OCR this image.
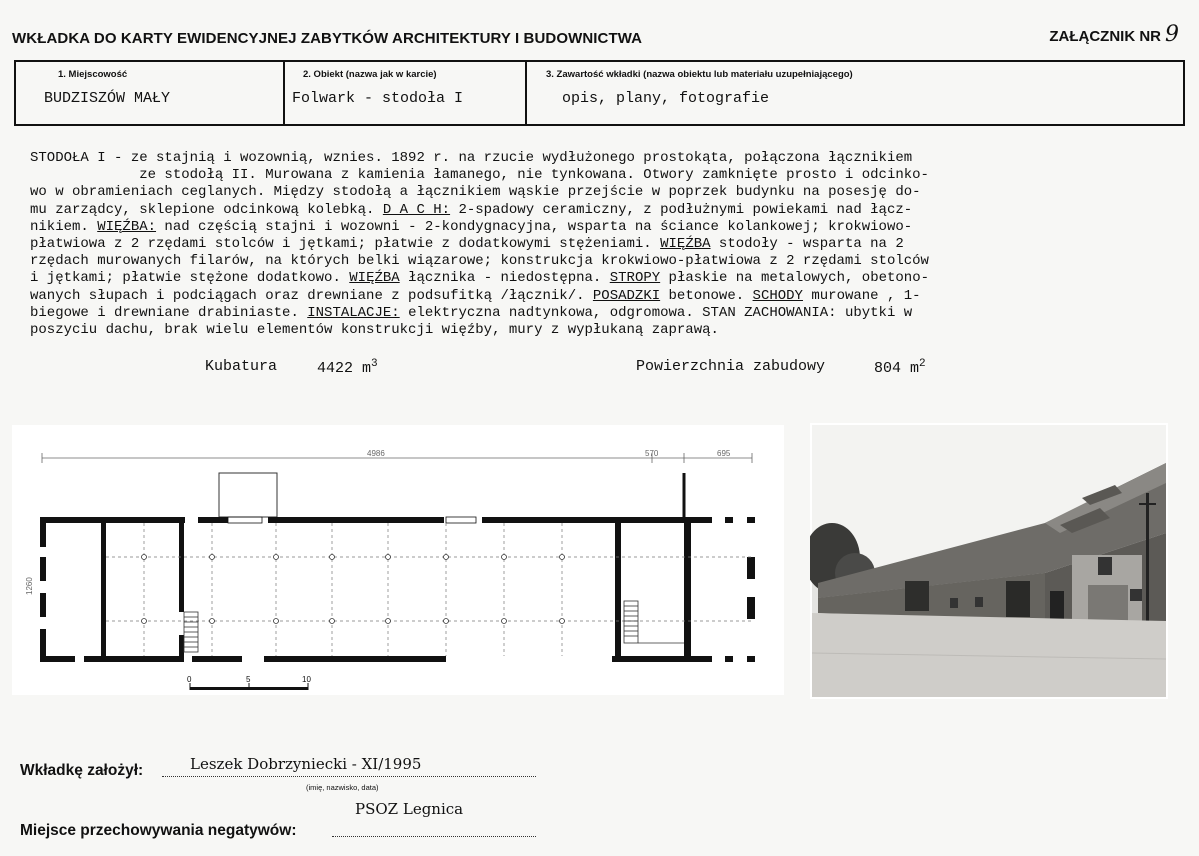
WKŁADKA DO KARTY EWIDENCYJNEJ ZABYTKÓW ARCHITEKTURY I BUDOWNICTWA	ZAŁĄCZNIK NR 9
1. Miejscowość
BUDZISZÓW MAŁY
2. Obiekt (nazwa jak w karcie)
Folwark - stodoła I
3. Zawartość wkładki (nazwa obiektu lub materiału uzupełniającego)
opis, plany, fotografie
STODOŁA I - ze stajnią i wozownią, wznies. 1892 r. na rzucie wydłużonego prostokąta, połączona łącznikiem
ze stodołą II. Murowana z kamienia łamanego, nie tynkowana. Otwory zamknięte prosto i odcinko-
wo w obramieniach ceglanych. Między stodołą a łącznikiem wąskie przejście w poprzek budynku na posesję do-
mu zarządcy, sklepione odcinkową kolebką. D A C H: 2-spadowy ceramiczny, z podłużnymi powiekami nad łącz-
nikiem. WIĘŹBA: nad częścią stajni i wozowni - 2-kondygnacyjna, wsparta na ściance kolankowej; krokwiowo-
płatwiowa z 2 rzędami stolców i jętkami; płatwie z dodatkowymi stężeniami. WIĘŹBA stodoły - wsparta na 2
rzędach murowanych filarów, na których belki wiązarowe; konstrukcja krokwiowo-płatwiowa z 2 rzędami stolców
i jętkami; płatwie stężone dodatkowo. WIĘŹBA łącznika - niedostępna. STROPY płaskie na metalowych, obetono-
wanych słupach i podciągach oraz drewniane z podsufitką /łącznik/. POSADZKI betonowe. SCHODY murowane , 1-
biegowe i drewniane drabiniaste. INSTALACJE: elektryczna nadtynkowa, odgromowa. STAN ZACHOWANIA: ubytki w
poszyciu dachu, brak wielu elementów konstrukcji więźby, mury z wypłukaną zaprawą.
Kubatura	4422 $m^3$	Powierzchnia zabudowy	804 $m^2$
4986	570	695
1260
0	5	10
Wkładkę założył:	Leszek Dobrzyniecki - XI/1995
(imię, nazwisko, data)
PSOZ Legnica
Miejsce przechowywania negatywów:
